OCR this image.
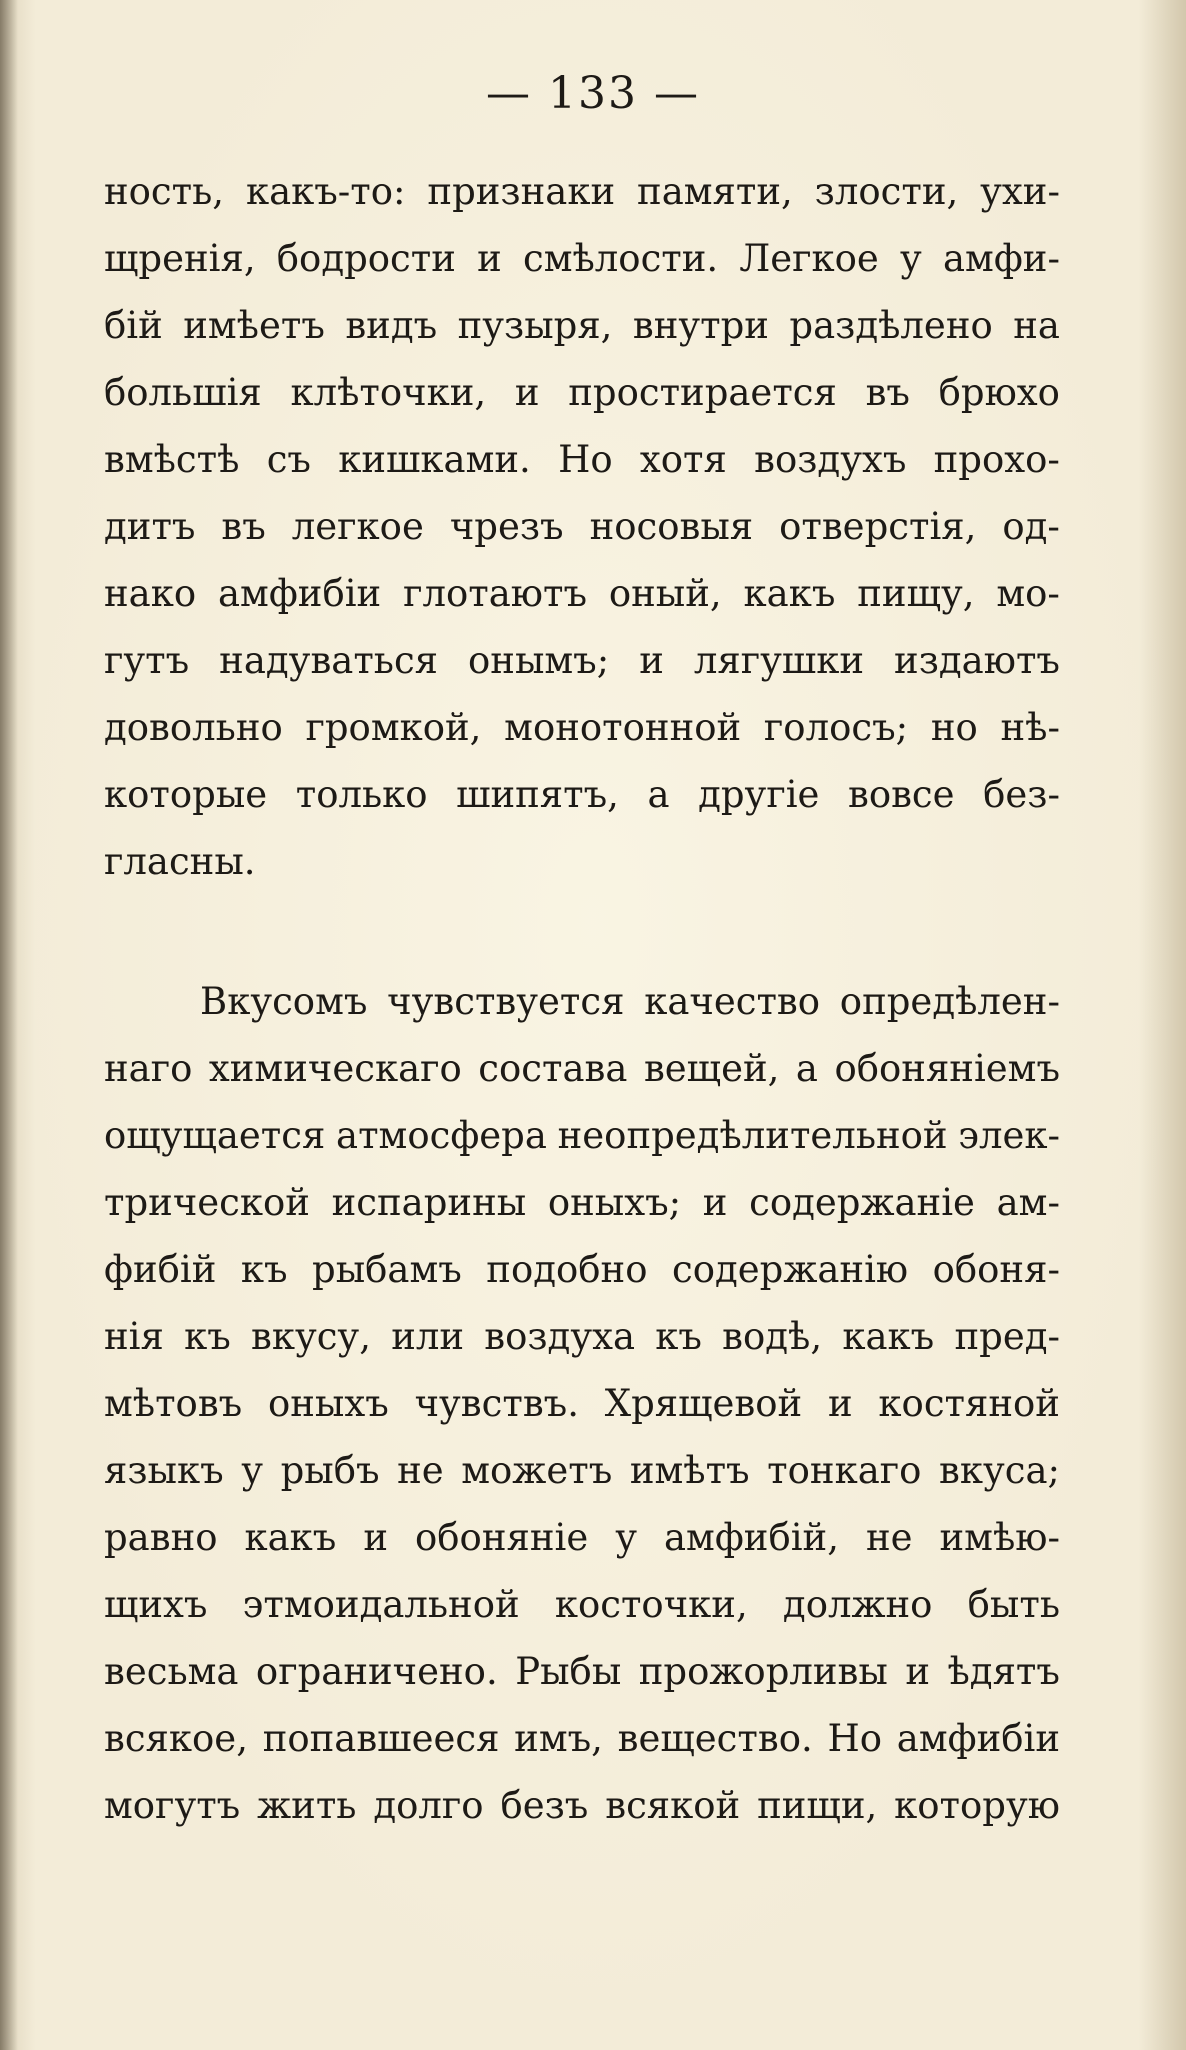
— 133 —
ность, какъ-то: признаки памяти, злости, ухи-
щренія, бодрости и смѣлости. Легкое у амфи-
бій имѣетъ видъ пузыря, внутри раздѣлено на
большія клѣточки, и простирается въ брюхо
вмѣстѣ съ кишками. Но хотя воздухъ прохо-
дитъ въ легкое чрезъ носовыя отверстія, од-
нако амфибіи глотаютъ оный, какъ пищу, мо-
гутъ надуваться онымъ; и лягушки издаютъ
довольно громкой, монотонной голосъ; но нѣ-
которые только шипятъ, а другіе вовсе без-
гласны.
Вкусомъ чувствуется качество опредѣлен-
наго химическаго состава вещей, а обоняніемъ
ощущается атмосфера неопредѣлительной элек-
трической испарины оныхъ; и содержаніе ам-
фибій къ рыбамъ подобно содержанію обоня-
нія къ вкусу, или воздуха къ водѣ, какъ пред-
мѣтовъ оныхъ чувствъ. Хрящевой и костяной
языкъ у рыбъ не можетъ имѣтъ тонкаго вкуса;
равно какъ и обоняніе у амфибій, не имѣю-
щихъ этмоидальной косточки, должно быть
весьма ограничено. Рыбы прожорливы и ѣдятъ
всякое, попавшееся имъ, вещество. Но амфибіи
могутъ жить долго безъ всякой пищи, которую
